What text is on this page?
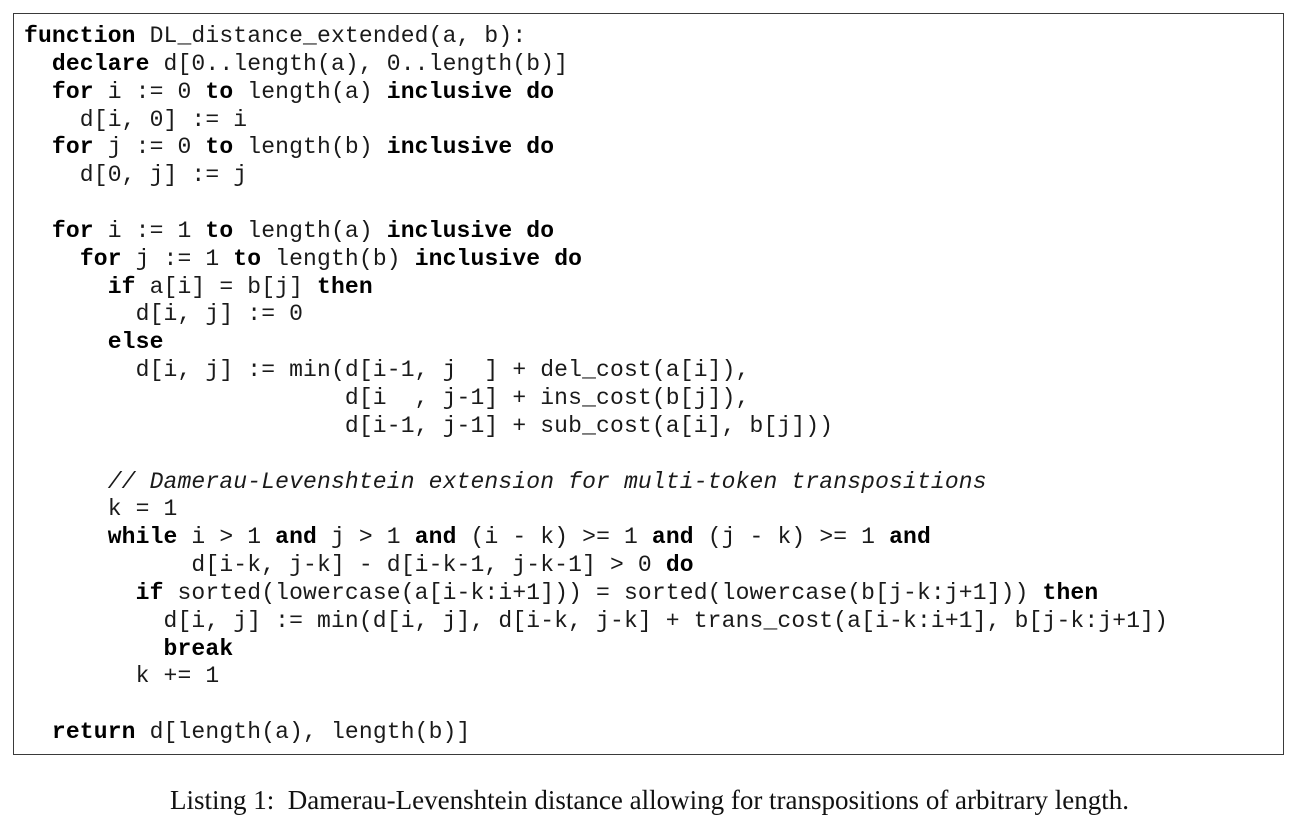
function DL_distance_extended(a, b):
declare d[0..length(a), 0..length(b)]
for i := 0 to length(a) inclusive do
d[i, 0] := i
for j := 0 to length(b) inclusive do
d[0, j] := j

for i := 1 to length(a) inclusive do
for j := 1 to length(b) inclusive do
if a[i] = b[j] then
d[i, j] := 0
else
d[i, j] := min(d[i-1, j  ] + del_cost(a[i]),
d[i  , j-1] + ins_cost(b[j]),
d[i-1, j-1] + sub_cost(a[i], b[j]))

// Damerau-Levenshtein extension for multi-token transpositions
k = 1
while i > 1 and j > 1 and (i - k) >= 1 and (j - k) >= 1 and
d[i-k, j-k] - d[i-k-1, j-k-1] > 0 do
if sorted(lowercase(a[i-k:i+1])) = sorted(lowercase(b[j-k:j+1])) then
d[i, j] := min(d[i, j], d[i-k, j-k] + trans_cost(a[i-k:i+1], b[j-k:j+1])
break
k += 1

return d[length(a), length(b)]
Listing 1:  Damerau-Levenshtein distance allowing for transpositions of arbitrary length.
